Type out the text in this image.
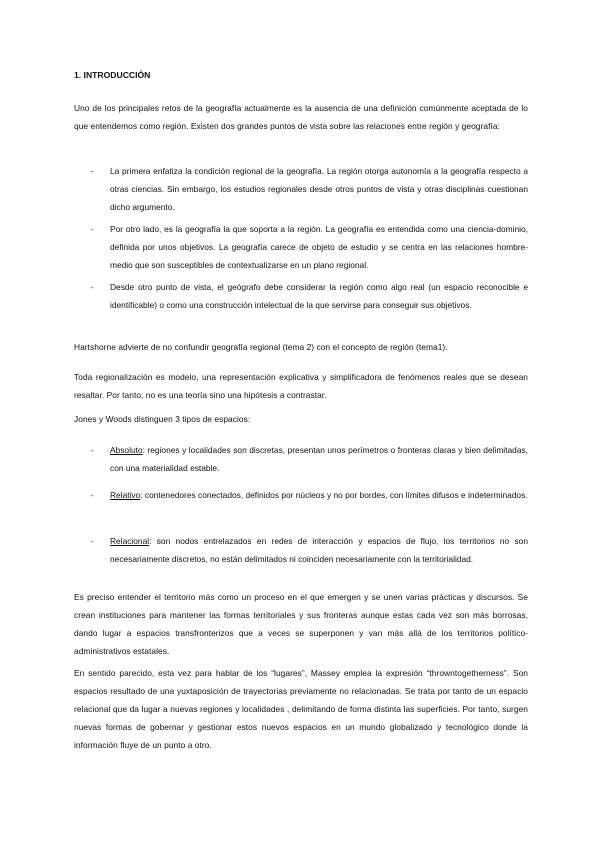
1. INTRODUCCIÓN
Uno de los principales retos de la geografía actualmente es la ausencia de una definición comúnmente aceptada de lo que entendemos como región. Existen dos grandes puntos de vista sobre las relaciones entre región y geografía:
- La primera enfatiza la condición regional de la geografía. La región otorga autonomía a la geografía respecto a otras ciencias. Sin embargo, los estudios regionales desde otros puntos de vista y otras disciplinas cuestionan dicho argumento.
- Por otro lado, es la geografía la que soporta a la región. La geografía es entendida como una ciencia-dominio, definida por unos objetivos. La geografía carece de objeto de estudio y se centra en las relaciones hombre-medio que son susceptibles de contextualizarse en un plano regional.
- Desde otro punto de vista, el geógrafo debe considerar la región como algo real (un espacio reconocible e identificable) o como una construcción intelectual de la que servirse para conseguir sus objetivos.
Hartshorne advierte de no confundir geografía regional (tema 2) con el concepto de región (tema1).
Toda regionalización es modelo, una representación explicativa y simplificadora de fenómenos reales que se desean resaltar. Por tanto, no es una teoría sino una hipótesis a contrastar.
Jones y Woods distinguen 3 tipos de espacios:
- Absoluto: regiones y localidades son discretas, presentan unos perímetros o fronteras claras y bien delimitadas, con una materialidad estable.
- Relativo: contenedores conectados, definidos por núcleos y no por bordes, con límites difusos e indeterminados.
- Relacional: son nodos entrelazados en redes de interacción y espacios de flujo, los territorios no son necesariamente discretos, no están delimitados ni coinciden necesariamente con la territorialidad.
Es preciso entender el territorio más como un proceso en el que emergen y se unen varias prácticas y discursos. Se crean instituciones para mantener las formas territoriales y sus fronteras aunque estas cada vez son más borrosas, dando lugar a espacios transfronterizos que a veces se superponen y van más allá de los territorios político-administrativos estatales.
En sentido parecido, esta vez para hablar de los “lugares”, Massey emplea la expresión “throwntogetherness”. Son espacios resultado de una yuxtaposición de trayectorias previamente no relacionadas. Se trata por tanto de un espacio relacional que da lugar a nuevas regiones y localidades , delimitando de forma distinta las superficies. Por tanto, surgen nuevas formas de gobernar y gestionar estos nuevos espacios en un mundo globalizado y tecnológico donde la información fluye de un punto a otro.
